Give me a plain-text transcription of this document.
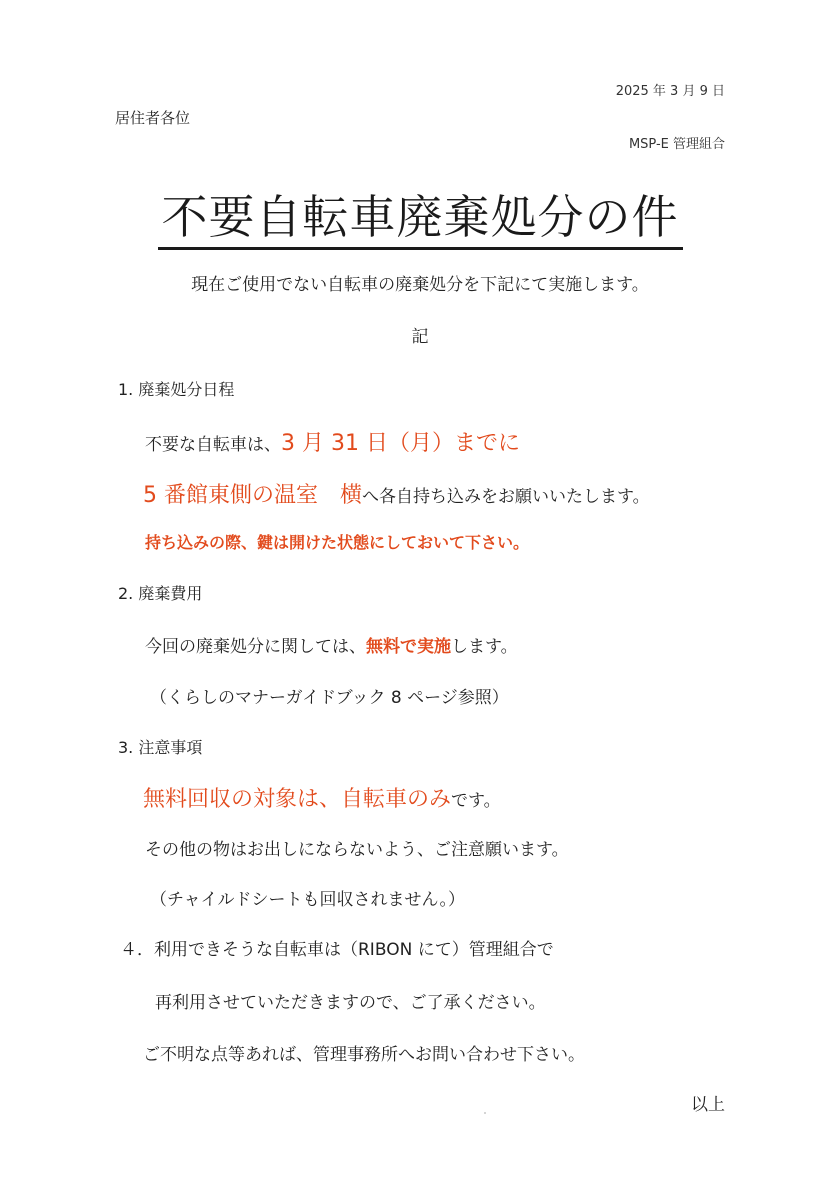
2025 年 3 月 9 日
居住者各位
MSP-E 管理組合
不要自転車廃棄処分の件
現在ご使用でない自転車の廃棄処分を下記にて実施します。
記
1. 廃棄処分日程
不要な自転車は、3 月 31 日（月）までに
5 番館東側の温室　横へ各自持ち込みをお願いいたします。
持ち込みの際、鍵は開けた状態にしておいて下さい。
2. 廃棄費用
今回の廃棄処分に関しては、無料で実施します。
（くらしのマナーガイドブック 8 ページ参照）
3. 注意事項
無料回収の対象は、自転車のみです。
その他の物はお出しにならないよう、ご注意願います。
（チャイルドシートも回収されません。）
４．利用できそうな自転車は（RIBON にて）管理組合で
再利用させていただきますので、ご了承ください。
ご不明な点等あれば、管理事務所へお問い合わせ下さい。
以上
